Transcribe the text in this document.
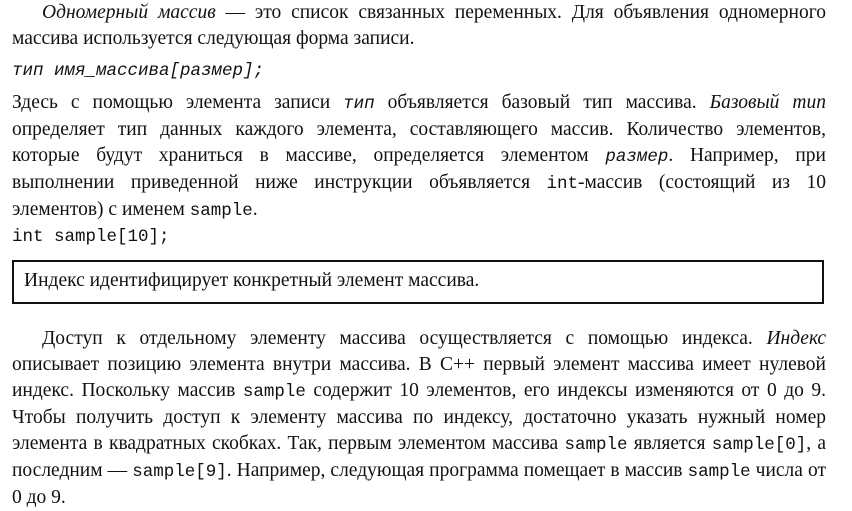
Одномерный массив — это список связанных переменных. Для объявления одномерного массива используется следующая форма записи.

тип имя_массива[размер];

Здесь с помощью элемента записи тип объявляется базовый тип массива. Базовый тип определяет тип данных каждого элемента, составляющего массив. Количество элементов, которые будут храниться в массиве, определяется элементом размер. Например, при выполнении приведенной ниже инструкции объявляется int-массив (состоящий из 10 элементов) с именем sample.

int sample[10];

Индекс идентифицирует конкретный элемент массива.

Доступ к отдельному элементу массива осуществляется с помощью индекса. Индекс описывает позицию элемента внутри массива. В C++ первый элемент массива имеет нулевой индекс. Поскольку массив sample содержит 10 элементов, его индексы изменяются от 0 до 9. Чтобы получить доступ к элементу массива по индексу, достаточно указать нужный номер элемента в квадратных скобках. Так, первым элементом массива sample является sample[0], а последним — sample[9]. Например, следующая программа помещает в массив sample числа от 0 до 9.
